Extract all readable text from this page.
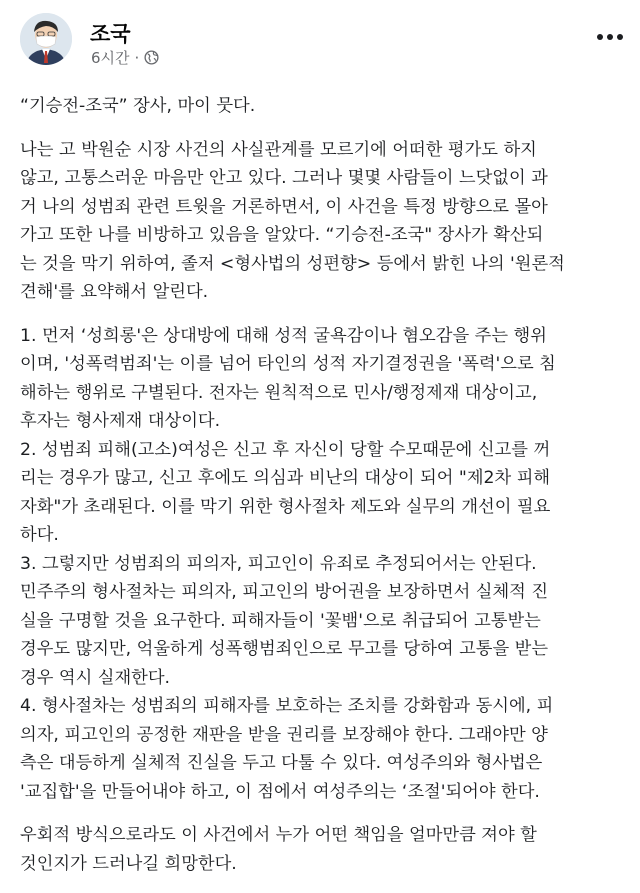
조국
6시간 ·

“기승전-조국” 장사, 마이 뭇다.

나는 고 박원순 시장 사건의 사실관계를 모르기에 어떠한 평가도 하지
않고, 고통스러운 마음만 안고 있다. 그러나 몇몇 사람들이 느닷없이 과
거 나의 성범죄 관련 트윗을 거론하면서, 이 사건을 특정 방향으로 몰아
가고 또한 나를 비방하고 있음을 알았다. “기승전-조국" 장사가 확산되
는 것을 막기 위하여, 졸저 <형사법의 성편향> 등에서 밝힌 나의 '원론적
견해'를 요약해서 알린다.

1. 먼저 ‘성희롱'은 상대방에 대해 성적 굴욕감이나 혐오감을 주는 행위
이며, '성폭력범죄'는 이를 넘어 타인의 성적 자기결정권을 '폭력'으로 침
해하는 행위로 구별된다. 전자는 원칙적으로 민사/행정제재 대상이고,
후자는 형사제재 대상이다.
2. 성범죄 피해(고소)여성은 신고 후 자신이 당할 수모때문에 신고를 꺼
리는 경우가 많고, 신고 후에도 의심과 비난의 대상이 되어 "제2차 피해
자화"가 초래된다. 이를 막기 위한 형사절차 제도와 실무의 개선이 필요
하다.
3. 그렇지만 성범죄의 피의자, 피고인이 유죄로 추정되어서는 안된다.
민주주의 형사절차는 피의자, 피고인의 방어권을 보장하면서 실체적 진
실을 구명할 것을 요구한다. 피해자들이 '꽃뱀'으로 취급되어 고통받는
경우도 많지만, 억울하게 성폭행범죄인으로 무고를 당하여 고통을 받는
경우 역시 실재한다.
4. 형사절차는 성범죄의 피해자를 보호하는 조치를 강화함과 동시에, 피
의자, 피고인의 공정한 재판을 받을 권리를 보장해야 한다. 그래야만 양
측은 대등하게 실체적 진실을 두고 다툴 수 있다. 여성주의와 형사법은
'교집합'을 만들어내야 하고, 이 점에서 여성주의는 ‘조절'되어야 한다.

우회적 방식으로라도 이 사건에서 누가 어떤 책임을 얼마만큼 져야 할
것인지가 드러나길 희망한다.
